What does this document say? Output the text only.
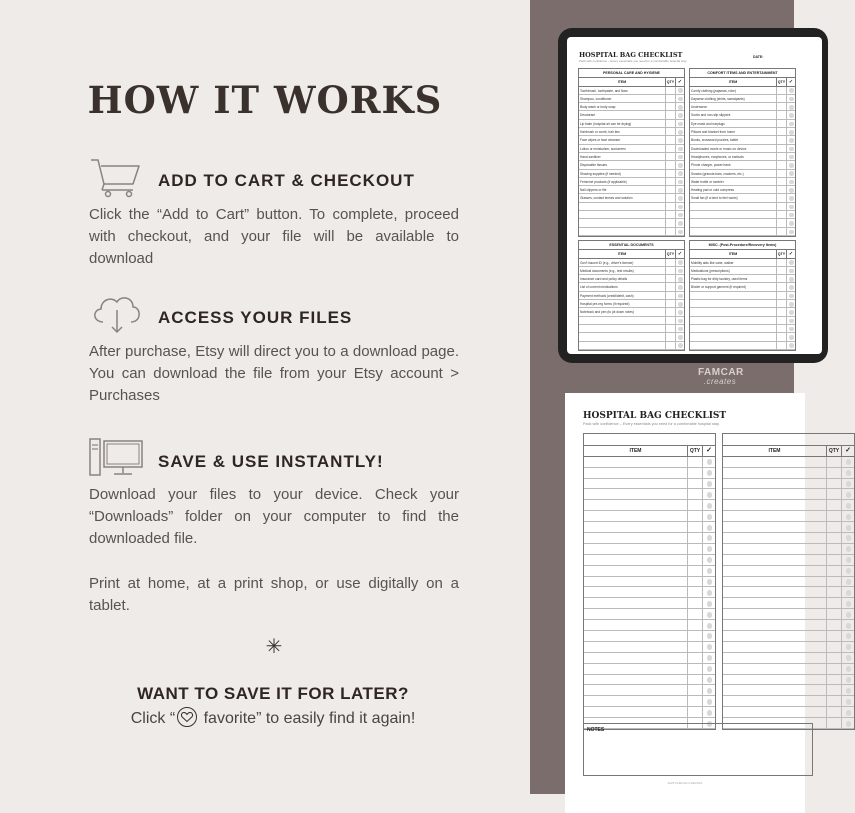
HOW IT WORKS
ADD TO CART & CHECKOUT
Click the “Add to Cart” button. To complete, proceed with checkout, and your file will be available to download
ACCESS YOUR FILES
After purchase, Etsy will direct you to a download page. You can download the file from your Etsy account > Purchases
SAVE & USE INSTANTLY!
Download your files to your device. Check your “Downloads” folder on your computer to find the downloaded file.
Print at home, at a print shop, or use digitally on a tablet.
✳
WANT TO SAVE IT FOR LATER?
Click “
favorite” to easily find it again!
HOSPITAL BAG CHECKLIST
Pack with confidence – Every essentials you need for a comfortable hospital stay.
DATE:
PERSONAL CARE AND HYGIENE
ITEM	QTY ✓
Toothbrush, toothpaste, and floss
Shampoo, conditioner
Body wash or body soap
Deodorant
Lip balm (hospital air can be drying)
Hairbrush or comb, hair ties
Face wipes or face cleanser
Lotion or moisturizer, sunscreen
Hand sanitizer
Disposable tissues
Shaving supplies (if needed)
Feminine products (if applicable)
Nail clippers or file
Glasses, contact lenses and solution
COMFORT ITEMS AND ENTERTAINMENT
ITEM	QTY ✓
Comfy clothing (pajamas, robe)
Daywear clothing (shirts, sweatpants)
Underwear
Socks and non-slip slippers
Eye mask and earplugs
Pillows and blanket from home
Books, crossword puzzles, tablet
Downloaded movie or music on device
Headphones, earphones, or earbuds
Phone charger, power bank
Snacks (granola bars, crackers, etc.)
Water bottle or tumbler
Heating pad or cold compress
Small fan (if a tend to feel warm)
ESSENTIAL DOCUMENTS
ITEM	QTY ✓
Gov't issued ID (e.g., driver's license)
Medical documents (e.g., test results)
Insurance card and policy details
List of current medications
Payment methods (credit/debit, cash)
Hospital pre-reg forms (if required)
Notebook and pen (to jot down notes)
MISC. (Post-Procedure/Recovery Items)
ITEM	QTY ✓
Mobility aids like cane, walker
Medications (prescriptions)
Plastic bag for dirty laundry, used items
Binder or support garment (if required)
FAMCAR
.creates
HOSPITAL BAG CHECKLIST
Pack with confidence – Every essentials you need for a comfortable hospital stay.
ITEM	QTY ✓	ITEM	QTY ✓
NOTES
2025 FAMCAR.CREATES
